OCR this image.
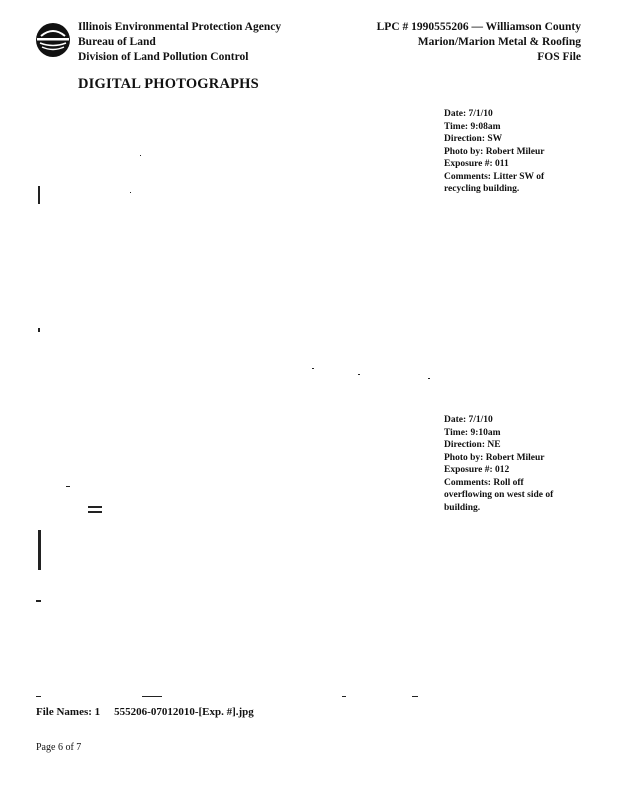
Illinois Environmental Protection Agency
Bureau of Land
Division of Land Pollution Control
LPC # 1990555206 — Williamson County
Marion/Marion Metal & Roofing
FOS File
DIGITAL PHOTOGRAPHS
Date: 7/1/10
Time: 9:08am
Direction: SW
Photo by: Robert Mileur
Exposure #: 011
Comments: Litter SW of recycling building.
Date: 7/1/10
Time: 9:10am
Direction: NE
Photo by: Robert Mileur
Exposure #: 012
Comments: Roll off overflowing on west side of building.
File Names: 1 555206-07012010-[Exp. #].jpg
Page 6 of 7
